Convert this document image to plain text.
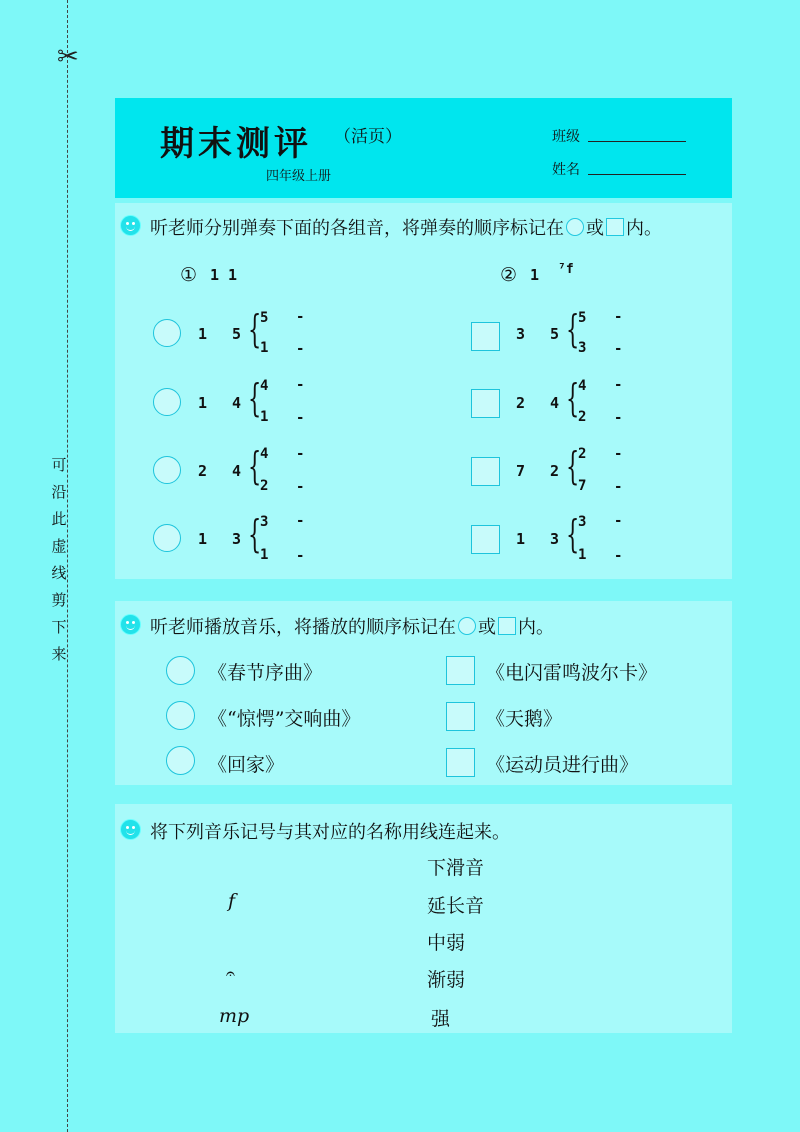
✂
可沿此虚线剪下来
期末测评 （活页）
四年级上册
班级
姓名
听老师分别弹奏下面的各组音，将弹奏的顺序标记在 或 内。
① 1 1	② 1 ⁷f
1 5 {
5
1
-
-
1 4 {
4
1
-
-
2 4 {
4
2
-
-
1 3 {
3
1
-
-
3 5 {
5
3
-
-
2 4 {
4
2
-
-
7 2 {
2
7
-
-
1 3 {
3
1
-
-
听老师播放音乐，将播放的顺序标记在 或 内。
《春节序曲》
《“惊愕”交响曲》
《回家》
《电闪雷鸣波尔卡》
《天鹅》
《运动员进行曲》
将下列音乐记号与其对应的名称用线连起来。
f
𝄐
mp
下滑音
延长音
中弱
渐弱
强
